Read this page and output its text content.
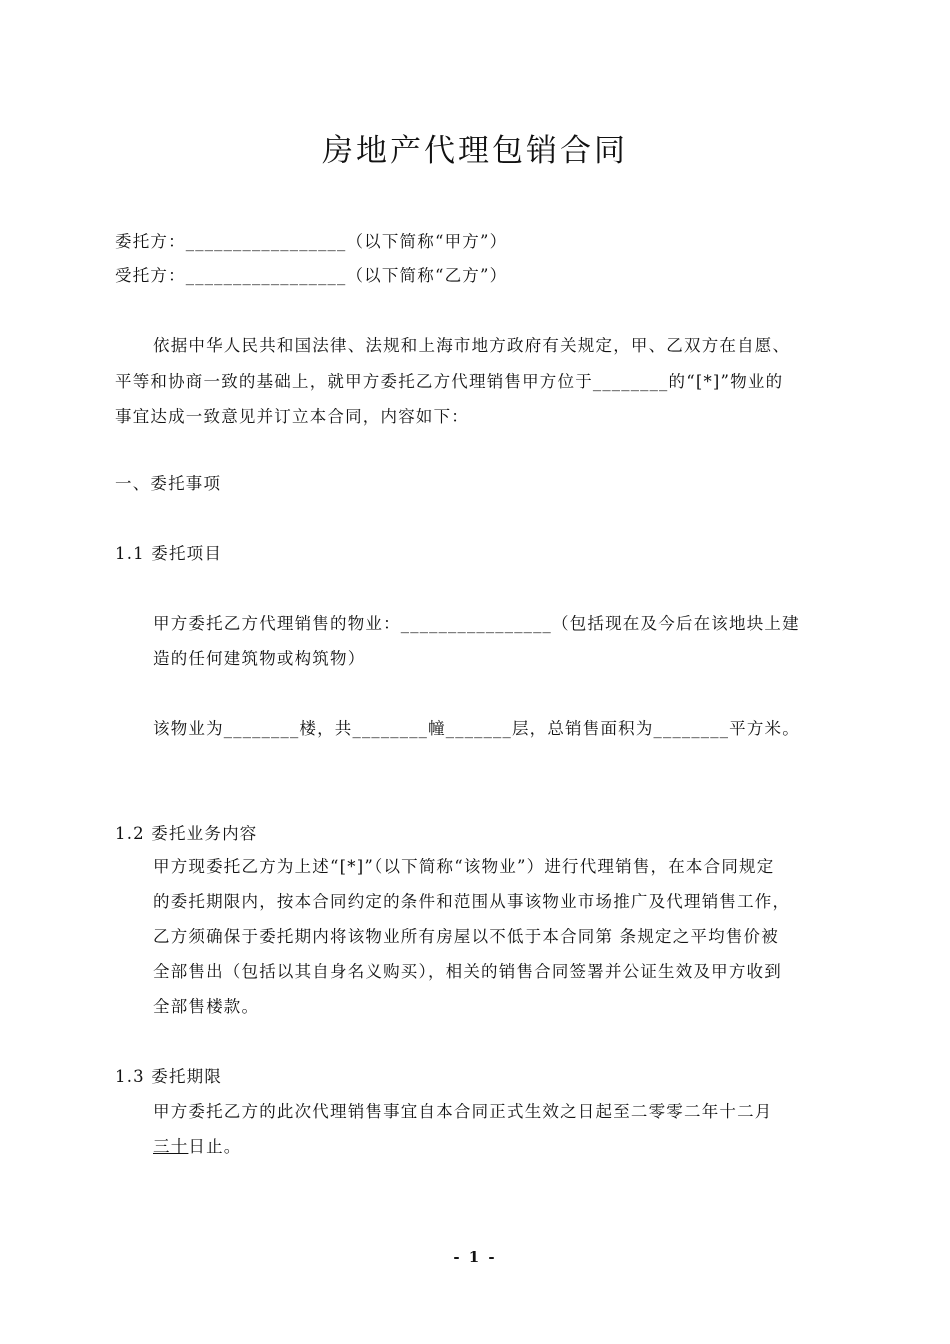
房地产代理包销合同
委托方：_________________（以下简称“甲方”）
受托方：_________________（以下简称“乙方”）
依据中华人民共和国法律、法规和上海市地方政府有关规定，甲、乙双方在自愿、
平等和协商一致的基础上，就甲方委托乙方代理销售甲方位于________的“[*]”物业的
事宜达成一致意见并订立本合同，内容如下：
一、委托事项
1.1 委托项目
甲方委托乙方代理销售的物业：________________（包括现在及今后在该地块上建
造的任何建筑物或构筑物）
该物业为________楼，共________幢_______层，总销售面积为________平方米。
1.2 委托业务内容
甲方现委托乙方为上述“[*]”（以下简称“该物业”）进行代理销售，在本合同规定
的委托期限内，按本合同约定的条件和范围从事该物业市场推广及代理销售工作，
乙方须确保于委托期内将该物业所有房屋以不低于本合同第 条规定之平均售价被
全部售出（包括以其自身名义购买），相关的销售合同签署并公证生效及甲方收到
全部售楼款。
1.3 委托期限
甲方委托乙方的此次代理销售事宜自本合同正式生效之日起至二零零二年十二月
三十日止。
- 1 -
